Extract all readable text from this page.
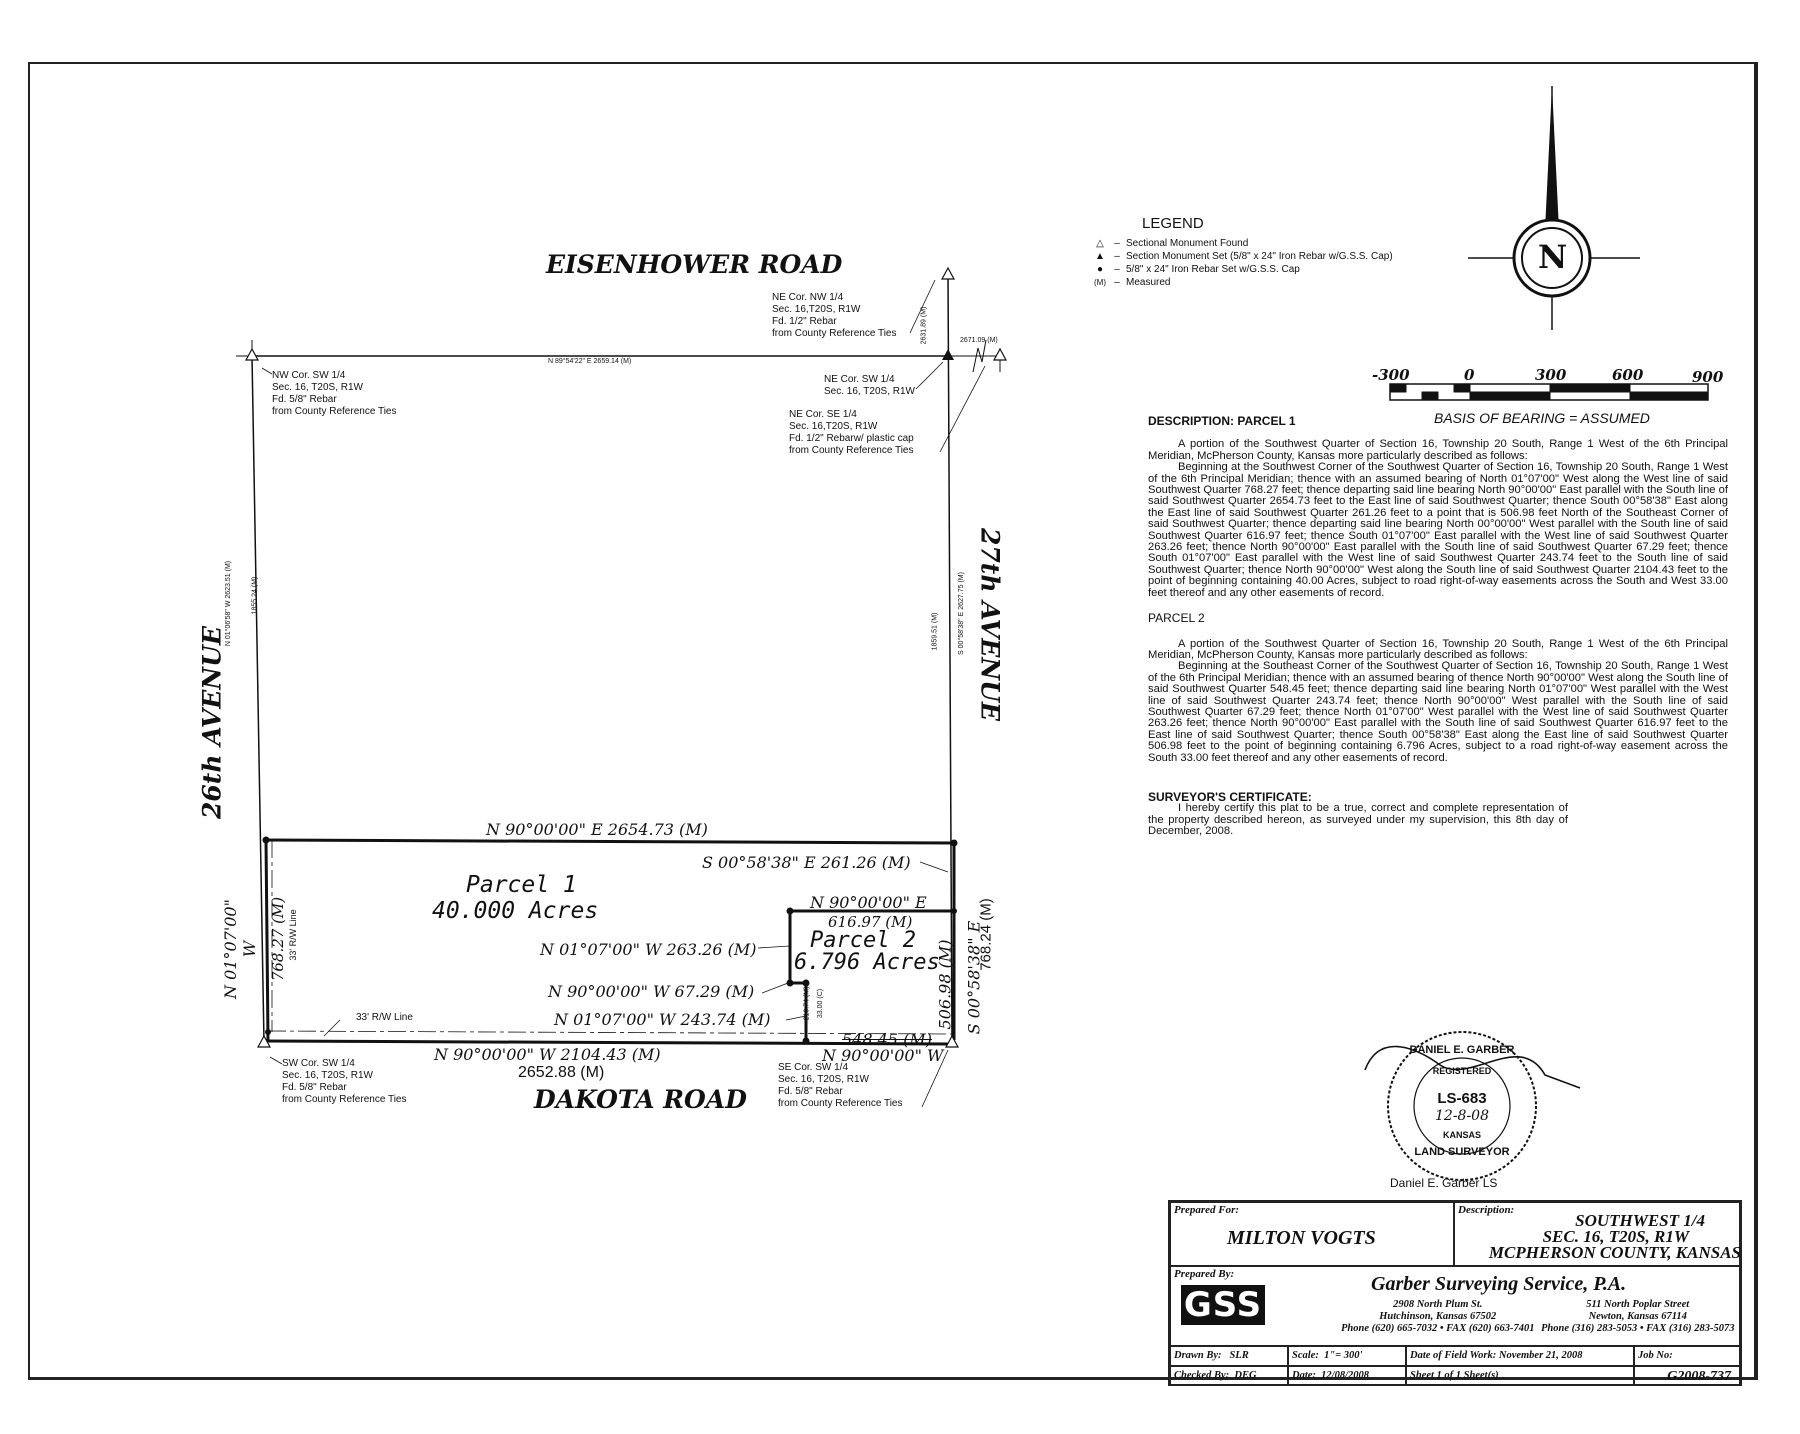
EISENHOWER ROAD
DAKOTA ROAD
26th AVENUE
27th AVENUE
NE Cor. NW 1/4
Sec. 16,T20S, R1W
Fd. 1/2" Rebar
from County Reference Ties
NW Cor. SW 1/4
Sec. 16, T20S, R1W
Fd. 5/8" Rebar
from County Reference Ties
NE Cor. SW 1/4
Sec. 16, T20S, R1W
NE Cor. SE 1/4
Sec. 16,T20S, R1W
Fd. 1/2" Rebarw/ plastic cap
from County Reference Ties
SW Cor. SW 1/4
Sec. 16, T20S, R1W
Fd. 5/8" Rebar
from County Reference Ties
SE Cor. SW 1/4
Sec. 16, T20S, R1W
Fd. 5/8" Rebar
from County Reference Ties
N 89°54'22" E 2659.14 (M)
2671.09 (M)
2631.89 (M)
N 01°06'58" W 2623.51 (M)	1855.24 (M)	S 00°58'38" E 2627.75 (M)
1859.51 (M)
N 90°00'00" E 2654.73 (M)
S 00°58'38" E 261.26 (M)
N 01°07'00" W 768.27 (M) 33' R/W Line
33' R/W Line
N 90°00'00" E
616.97 (M)
N 01°07'00" W 263.26 (M)
N 90°00'00" W 67.29 (M)
N 01°07'00" W 243.74 (M)	210.74 (M) 33.00 (C)
548.45 (M)
N 90°00'00" W
506.98 (M) S 00°58'38" E
768.24 (M)
N 90°00'00" W 2104.43 (M)
2652.88 (M)
Parcel 1
40.000 Acres
Parcel 2
6.796 Acres
LEGEND
△	– Sectional Monument Found
▲ – Section Monument Set (5/8" x 24" Iron Rebar w/G.S.S. Cap)
●	– 5/8" x 24" Iron Rebar Set w/G.S.S. Cap
(M) – Measured
N
-300	0	300	600	900
BASIS OF BEARING = ASSUMED

DESCRIPTION: PARCEL 1

A portion of the Southwest Quarter of Section 16, Township 20 South, Range 1 West of the 6th Principal Meridian, McPherson County, Kansas more particularly described as follows:

Beginning at the Southwest Corner of the Southwest Quarter of Section 16, Township 20 South, Range 1 West of the 6th Principal Meridian; thence with an assumed bearing of North 01°07'00" West along the West line of said Southwest Quarter 768.27 feet; thence departing said line bearing North 90°00'00" East parallel with the South line of said Southwest Quarter 2654.73 feet to the East line of said Southwest Quarter; thence South 00°58'38" East along the East line of said Southwest Quarter 261.26 feet to a point that is 506.98 feet North of the Southeast Corner of said Southwest Quarter; thence departing said line bearing North 00°00'00" West parallel with the South line of said Southwest Quarter 616.97 feet; thence South 01°07'00" East parallel with the West line of said Southwest Quarter 263.26 feet; thence North 90°00'00" East parallel with the South line of said Southwest Quarter 67.29 feet; thence South 01°07'00" East parallel with the West line of said Southwest Quarter 243.74 feet to the South line of said Southwest Quarter; thence North 90°00'00" West along the South line of said Southwest Quarter 2104.43 feet to the point of beginning containing 40.00 Acres, subject to road right-of-way easements across the South and West 33.00 feet thereof and any other easements of record.

PARCEL 2

A portion of the Southwest Quarter of Section 16, Township 20 South, Range 1 West of the 6th Principal Meridian, McPherson County, Kansas more particularly described as follows:

Beginning at the Southeast Corner of the Southwest Quarter of Section 16, Township 20 South, Range 1 West of the 6th Principal Meridian; thence with an assumed bearing of thence North 90°00'00" West along the South line of said Southwest Quarter 548.45 feet; thence departing said line bearing North 01°07'00" West parallel with the West line of said Southwest Quarter 243.74 feet; thence North 90°00'00" West parallel with the South line of said Southwest Quarter 67.29 feet; thence North 01°07'00" West parallel with the West line of said Southwest Quarter 263.26 feet; thence North 90°00'00" East parallel with the South line of said Southwest Quarter 616.97 feet to the East line of said Southwest Quarter; thence South 00°58'38" East along the East line of said Southwest Quarter 506.98 feet to the point of beginning containing 6.796 Acres, subject to a road right-of-way easement across the South 33.00 feet thereof and any other easements of record.

SURVEYOR'S CERTIFICATE:

I hereby certify this plat to be a true, correct and complete representation of the property described hereon, as surveyed under my supervision, this 8th day of December, 2008.

REGISTERED
DANIEL E. GARBER
LS-683
12-8-08
KANSAS
LAND SURVEYOR
Daniel E. Garber LS
Prepared For:
MILTON VOGTS
Description:
SOUTHWEST 1/4
SEC. 16, T20S, R1W
MCPHERSON COUNTY, KANSAS
Prepared By:
GSS
Garber Surveying Service, P.A.
2908 North Plum St.
Hutchinson, Kansas 67502
Phone (620) 665-7032 • FAX (620) 663-7401
511 North Poplar Street
Newton, Kansas 67114
Phone (316) 283-5053 • FAX (316) 283-5073
Drawn By: SLR	Scale: 1"= 300'	Date of Field Work: November 21, 2008	Job No:
Checked By: DEG	Date: 12/08/2008	Sheet 1 of 1 Sheet(s)	G2008-737
